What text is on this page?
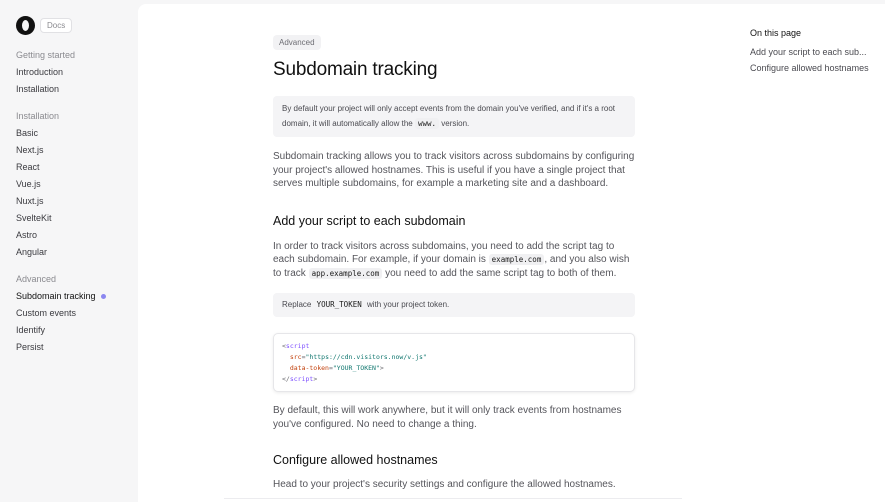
Docs
Getting started
Introduction
Installation
Installation
Basic
Next.js
React
Vue.js
Nuxt.js
SvelteKit
Astro
Angular
Advanced
Subdomain tracking
Custom events
Identify
Persist
Advanced
Subdomain tracking
By default your project will only accept events from the domain you've verified, and if it's a root domain, it will automatically allow the www. version.

Subdomain tracking allows you to track visitors across subdomains by configuring your project's allowed hostnames. This is useful if you have a single project that serves multiple subdomains, for example a marketing site and a dashboard.

Add your script to each subdomain

In order to track visitors across subdomains, you need to add the script tag to each subdomain. For example, if your domain is example.com , and you also wish to track app.example.com you need to add the same script tag to both of them.

Replace YOUR_TOKEN with your project token.
<script
src="https://cdn.visitors.now/v.js"
data-token="YOUR_TOKEN">
</script>

By default, this will work anywhere, but it will only track events from hostnames you've configured. No need to change a thing.

Configure allowed hostnames

Head to your project's security settings and configure the allowed hostnames.

On this page
Add your script to each sub...
Configure allowed hostnames
